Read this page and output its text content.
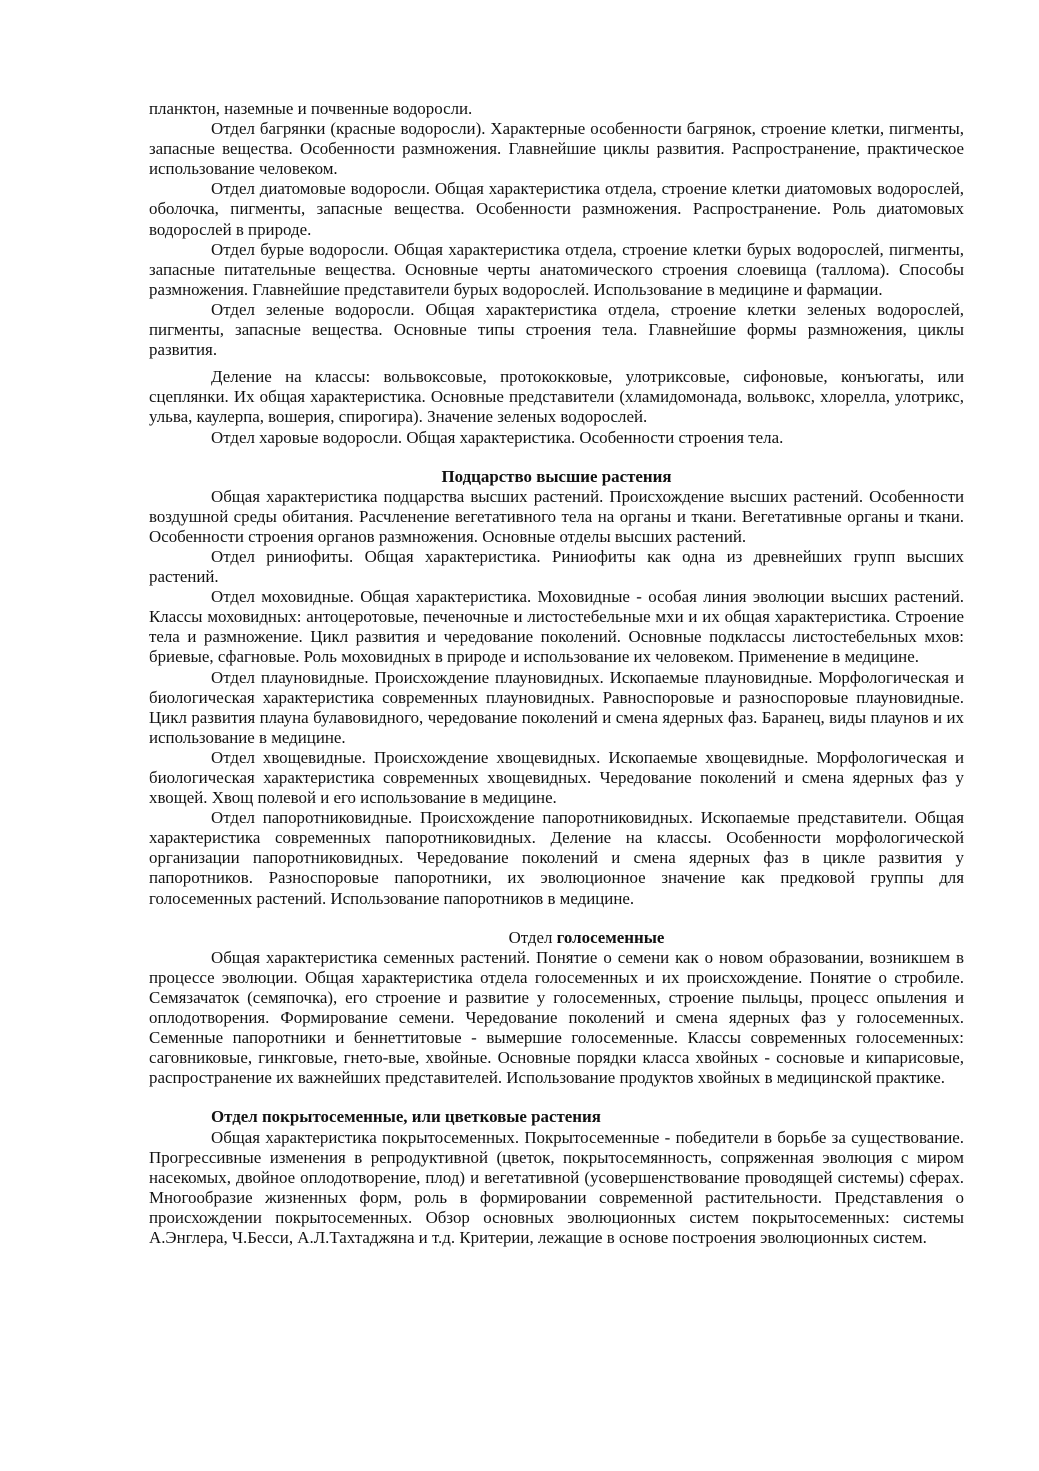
планктон, наземные и почвенные водоросли.

Отдел багрянки (красные водоросли). Характерные особенности багрянок, строение клетки, пигменты, запасные вещества. Особенности размножения. Главнейшие циклы развития. Распространение, практическое использование человеком.

Отдел диатомовые водоросли. Общая характеристика отдела, строение клетки диатомовых водорослей, оболочка, пигменты, запасные вещества. Особенности размножения. Распространение. Роль диатомовых водорослей в природе.

Отдел бурые водоросли. Общая характеристика отдела, строение клетки бурых водорослей, пигменты, запасные питательные вещества. Основные черты анатомического строения слоевища (таллома). Способы размножения. Главнейшие представители бурых водорослей. Использование в медицине и фармации.

Отдел зеленые водоросли. Общая характеристика отдела, строение клетки зеленых водорослей, пигменты, запасные вещества. Основные типы строения тела. Главнейшие формы размножения, циклы развития.

Деление на классы: вольвоксовые, протококковые, улотриксовые, сифоновые, конъюгаты, или сцеплянки. Их общая характеристика. Основные представители (хламидомонада, вольвокс, хлорелла, улотрикс, ульва, каулерпа, вошерия, спирогира). Значение зеленых водорослей.

Отдел харовые водоросли. Общая характеристика. Особенности строения тела.

Подцарство высшие растения

Общая характеристика подцарства высших растений. Происхождение высших растений. Особенности воздушной среды обитания. Расчленение вегетативного тела на органы и ткани. Вегетативные органы и ткани. Особенности строения органов размножения. Основные отделы высших растений.

Отдел риниофиты. Общая характеристика. Риниофиты как одна из древнейших групп высших растений.

Отдел моховидные. Общая характеристика. Моховидные - особая линия эволюции высших растений. Классы моховидных: антоцеротовые, печеночные и листостебельные мхи и их общая характеристика. Строение тела и размножение. Цикл развития и чередование поколений. Основные подклассы листостебельных мхов: бриевые, сфагновые. Роль моховидных в природе и использование их человеком. Применение в медицине.

Отдел плауновидные. Происхождение плауновидных. Ископаемые плауновидные. Морфологическая и биологическая характеристика современных плауновидных. Равноспоровые и разноспоровые плауновидные. Цикл развития плауна булавовидного, чередование поколений и смена ядерных фаз. Баранец, виды плаунов и их использование в медицине.

Отдел хвощевидные. Происхождение хвощевидных. Ископаемые хвощевидные. Морфологическая и биологическая характеристика современных хвощевидных. Чередование поколений и смена ядерных фаз у хвощей. Хвощ полевой и его использование в медицине.

Отдел папоротниковидные. Происхождение папоротниковидных. Ископаемые представители. Общая характеристика современных папоротниковидных. Деление на классы. Особенности морфологической организации папоротниковидных. Чередование поколений и смена ядерных фаз в цикле развития у папоротников. Разноспоровые папоротники, их эволюционное значение как предковой группы для голосеменных растений. Использование папоротников в медицине.

Отдел голосеменные

Общая характеристика семенных растений. Понятие о семени как о новом образовании, возникшем в процессе эволюции. Общая характеристика отдела голосеменных и их происхождение. Понятие о стробиле. Семязачаток (семяпочка), его строение и развитие у голосеменных, строение пыльцы, процесс опыления и оплодотворения. Формирование семени. Чередование поколений и смена ядерных фаз у голосеменных. Семенные папоротники и беннеттитовые - вымершие голосеменные. Классы современных голосеменных: саговниковые, гинкговые, гнето-вые, хвойные. Основные порядки класса хвойных - сосновые и кипарисовые, распространение их важнейших представителей. Использование продуктов хвойных в медицинской практике.

Отдел покрытосеменные, или цветковые растения

Общая характеристика покрытосеменных. Покрытосеменные - победители в борьбе за существование. Прогрессивные изменения в репродуктивной (цветок, покрытосемянность, сопряженная эволюция с миром насекомых, двойное оплодотворение, плод) и вегетативной (усовершенствование проводящей системы) сферах. Многообразие жизненных форм, роль в формировании современной растительности. Представления о происхождении покрытосеменных. Обзор основных эволюционных систем покрытосеменных: системы А.Энглера, Ч.Бесси, А.Л.Тахтаджяна и т.д. Критерии, лежащие в основе построения эволюционных систем.
